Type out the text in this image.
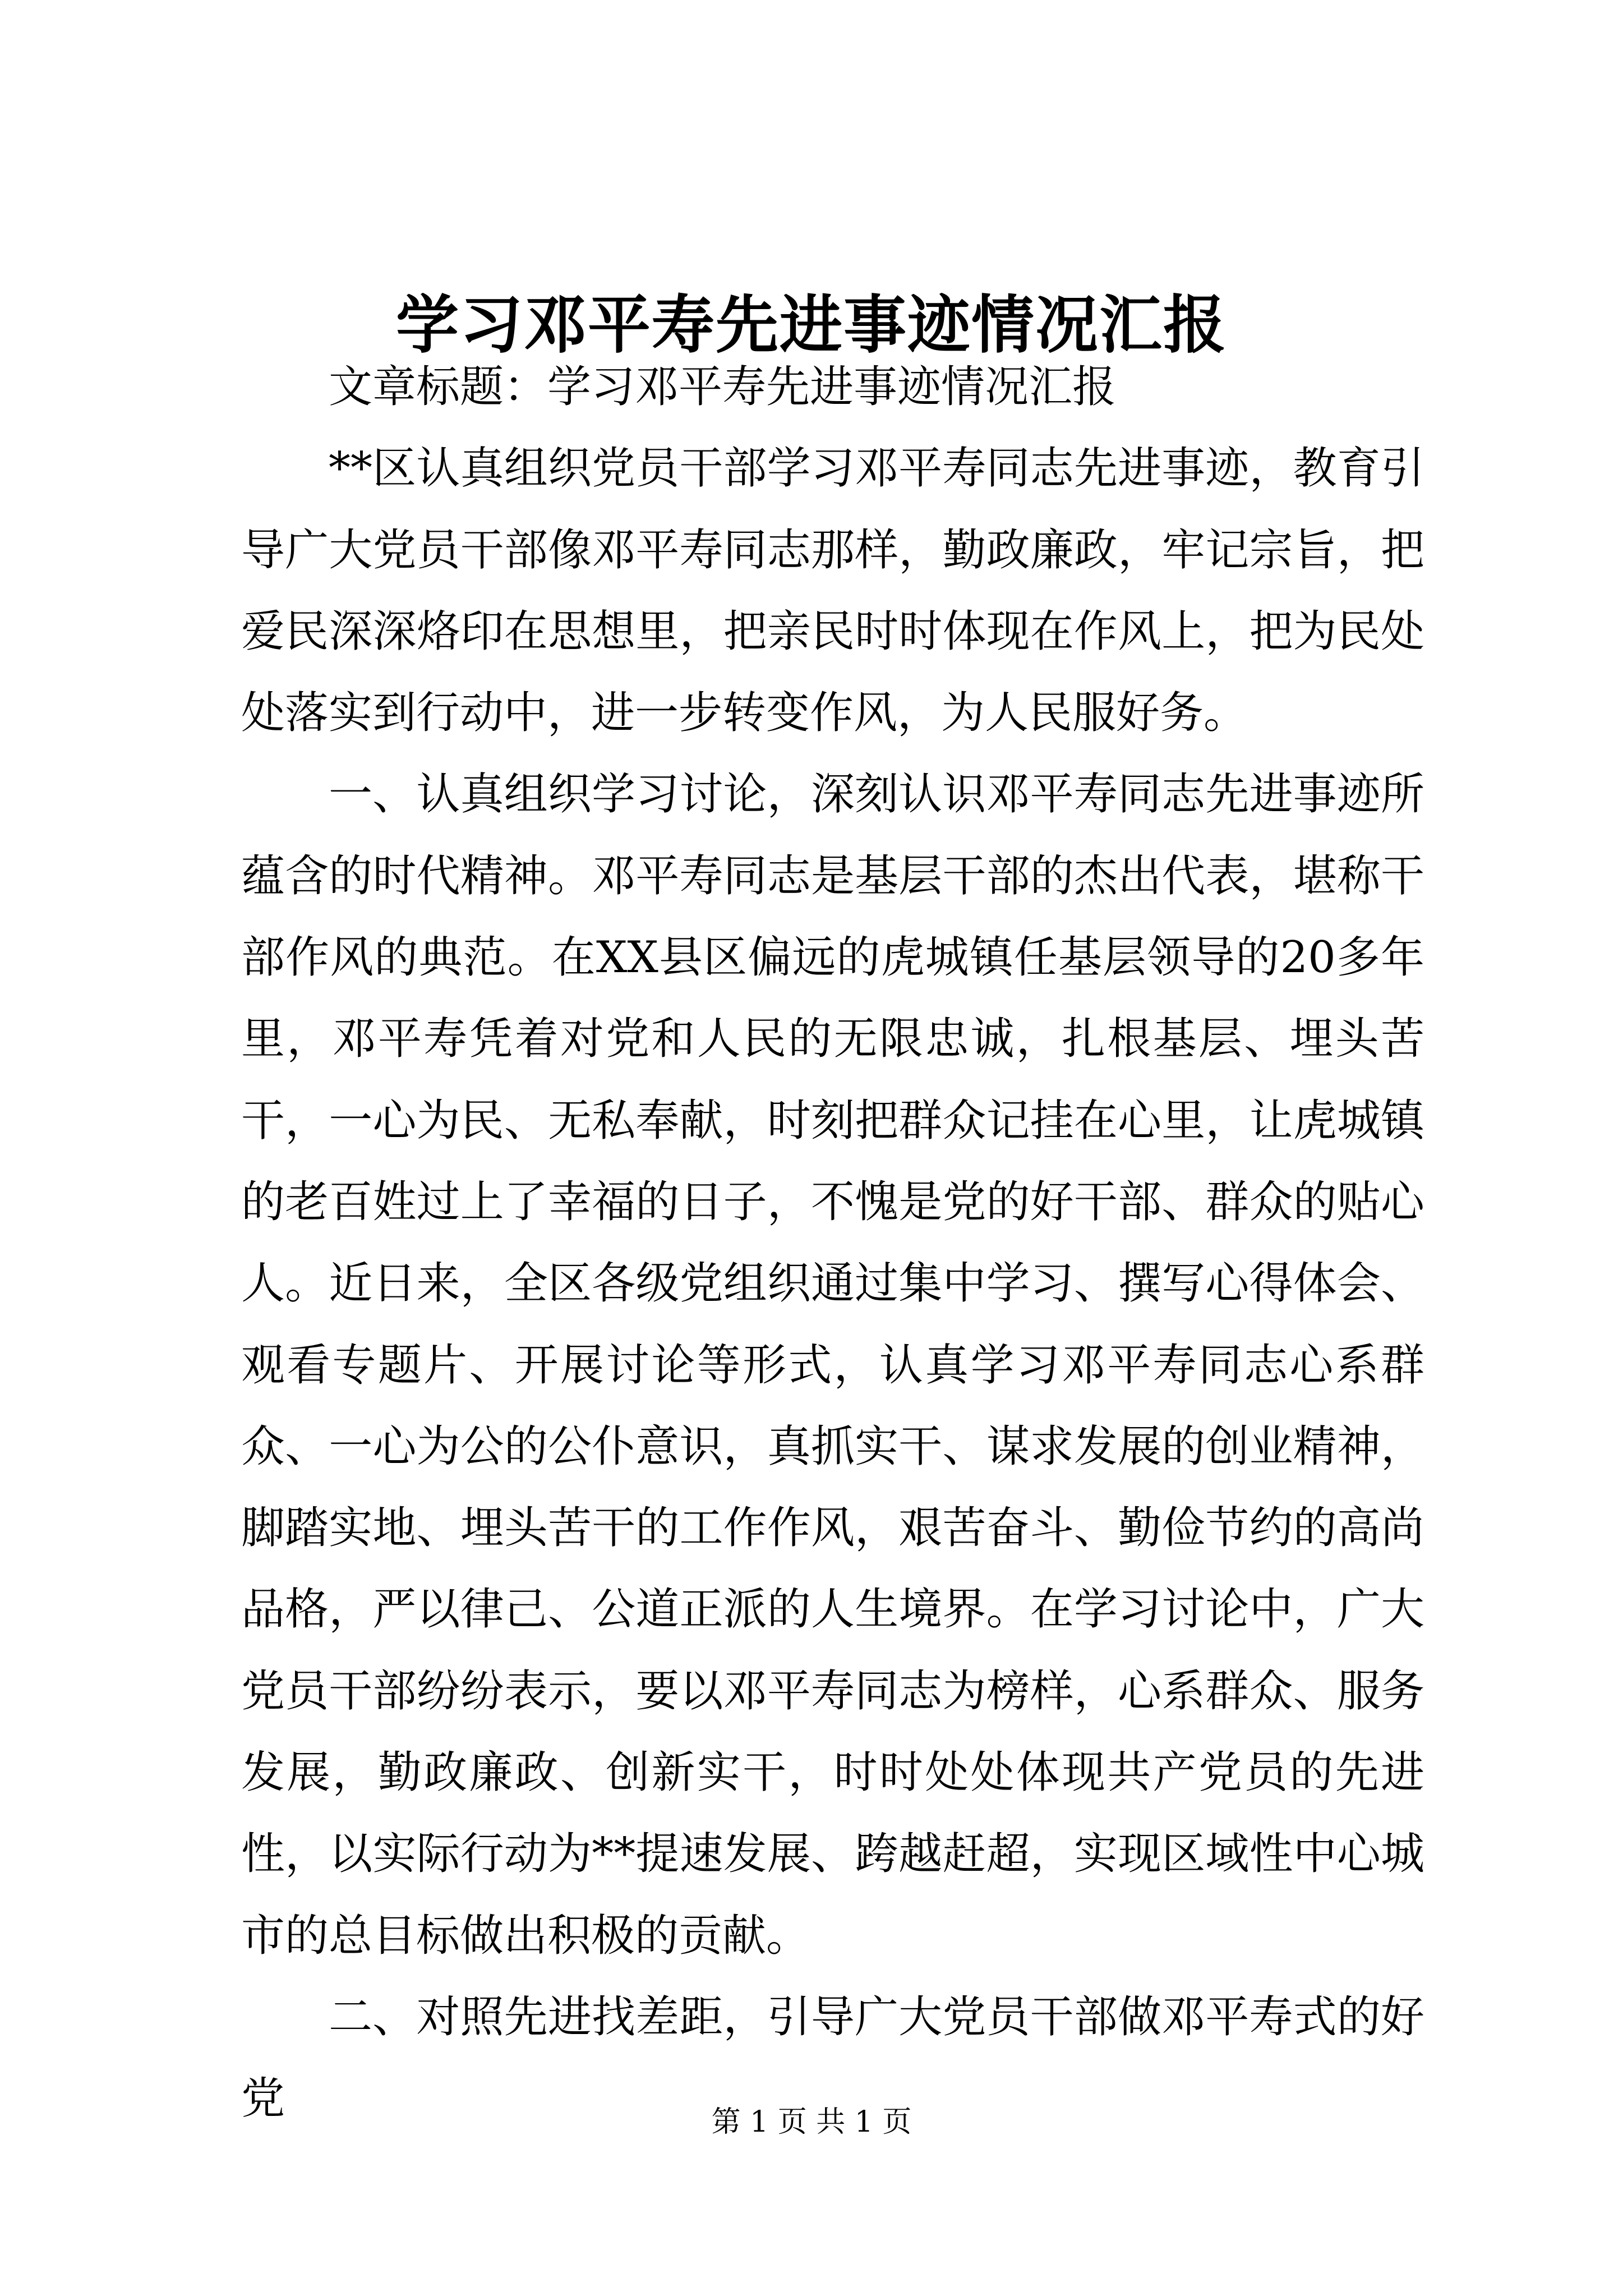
学习邓平寿先进事迹情况汇报

文章标题：学习邓平寿先进事迹情况汇报

**区认真组织党员干部学习邓平寿同志先进事迹，教育引导广大党员干部像邓平寿同志那样，勤政廉政，牢记宗旨，把爱民深深烙印在思想里，把亲民时时体现在作风上，把为民处处落实到行动中，进一步转变作风，为人民服好务。

一、认真组织学习讨论，深刻认识邓平寿同志先进事迹所蕴含的时代精神。邓平寿同志是基层干部的杰出代表，堪称干部作风的典范。在XX县区偏远的虎城镇任基层领导的20多年里，邓平寿凭着对党和人民的无限忠诚，扎根基层、埋头苦干，一心为民、无私奉献，时刻把群众记挂在心里，让虎城镇的老百姓过上了幸福的日子，不愧是党的好干部、群众的贴心人。近日来，全区各级党组织通过集中学习、撰写心得体会、观看专题片、开展讨论等形式，认真学习邓平寿同志心系群众、一心为公的公仆意识，真抓实干、谋求发展的创业精神，脚踏实地、埋头苦干的工作作风，艰苦奋斗、勤俭节约的高尚品格，严以律己、公道正派的人生境界。在学习讨论中，广大党员干部纷纷表示，要以邓平寿同志为榜样，心系群众、服务发展，勤政廉政、创新实干，时时处处体现共产党员的先进性，以实际行动为**提速发展、跨越赶超，实现区域性中心城市的总目标做出积极的贡献。

二、对照先进找差距，引导广大党员干部做邓平寿式的好党	第 1 页 共 1 页
